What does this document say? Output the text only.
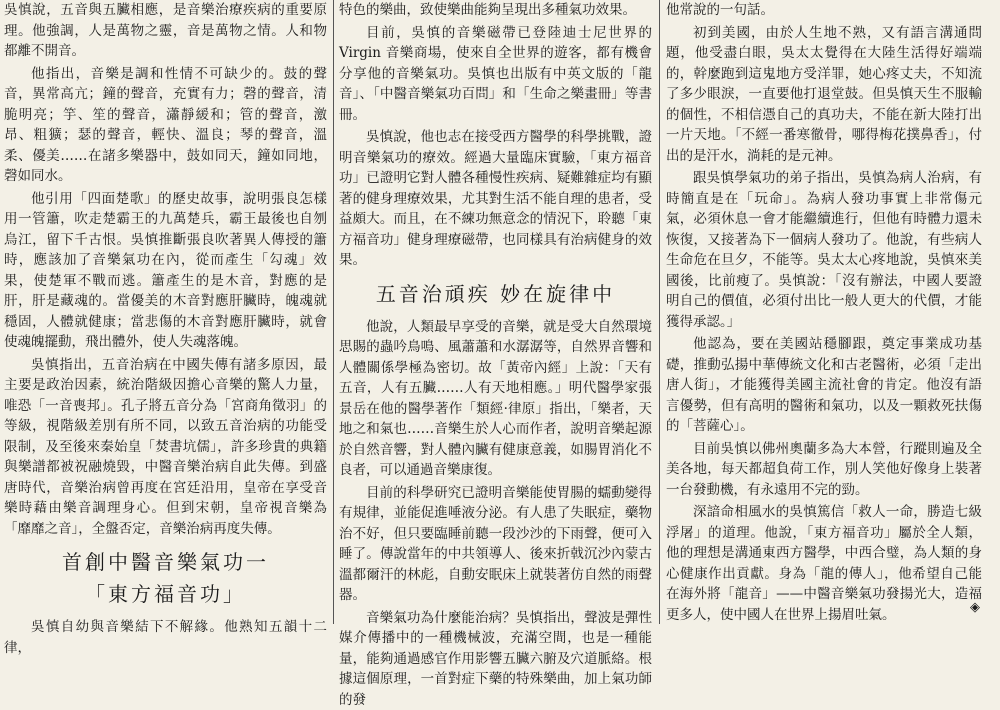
吳慎說，五音與五臟相應，是音樂治療疾病的重要原理。他強調，人是萬物之靈，音是萬物之情。人和物都離不開音。

他指出，音樂是調和性情不可缺少的。鼓的聲音，異常高亢；鐘的聲音，充實有力；磬的聲音，清脆明亮；竽、笙的聲音，瀟靜緩和；管的聲音，激昂、粗獷；瑟的聲音，輕快、溫良；琴的聲音，溫柔、優美……在諸多樂器中，鼓如同天，鐘如同地，磬如同水。

他引用「四面楚歌」的歷史故事，說明張良怎樣用一管簫，吹走楚霸王的九萬楚兵，霸王最後也自刎烏江，留下千古恨。吳慎推斷張良吹著異人傳授的簫時，應該加了音樂氣功在內，從而產生「勾魂」效果，使楚軍不戰而逃。簫產生的是木音，對應的是肝，肝是藏魂的。當優美的木音對應肝臟時，魄魂就穩固，人體就健康；當悲傷的木音對應肝臟時，就會使魂魄擺動，飛出體外，使人失魂落魄。

吳慎指出，五音治病在中國失傳有諸多原因，最主要是政治因素，統治階級因擔心音樂的驚人力量，唯恐「一音喪邦」。孔子將五音分為「宮商角徵羽」的等級，視階級差別有所不同，以致五音治病的功能受限制，及至後來秦始皇「焚書坑儒」，許多珍貴的典籍與樂譜都被祝融燒毀，中醫音樂治病自此失傳。到盛唐時代，音樂治病曾再度在宮廷沿用，皇帝在享受音樂時藉由樂音調理身心。但到宋朝，皇帝視音樂為「靡靡之音」，全盤否定，音樂治病再度失傳。

首創中醫音樂氣功一
「東方福音功」

吳慎自幼與音樂結下不解緣。他熟知五韻十二律，

特色的樂曲，致使樂曲能夠呈現出多種氣功效果。

目前，吳慎的音樂磁帶已登陸迪士尼世界的 Virgin 音樂商場，使來自全世界的遊客，都有機會分享他的音樂氣功。吳慎也出版有中英文版的「龍音」、「中醫音樂氣功百問」和「生命之樂畫冊」等書冊。

吳慎說，他也志在接受西方醫學的科學挑戰，證明音樂氣功的療效。經過大量臨床實驗，「東方福音功」已證明它對人體各種慢性疾病、疑難雜症均有顯著的健身理療效果，尤其對生活不能自理的患者，受益頗大。而且，在不練功無意念的情況下，聆聽「東方福音功」健身理療磁帶，也同樣具有治病健身的效果。

五音治頑疾 妙在旋律中

他說，人類最早享受的音樂，就是受大自然環境思賜的蟲吟鳥鳴、風蕭蕭和水潺潺等，自然界音響和人體關係學極為密切。故「黃帝內經」上說：「天有五音，人有五臟……人有天地相應。」明代醫學家張景岳在他的醫學著作「類經·律原」指出，「樂者，天地之和氣也……音樂生於人心而作者，說明音樂起源於自然音響，對人體內臟有健康意義，如腸胃消化不良者，可以通過音樂康復。

目前的科學研究已證明音樂能使胃腸的蠕動變得有規律，並能促進唾液分泌。有人患了失眠症，藥物治不好，但只要臨睡前聽一段沙沙的下雨聲，便可入睡了。傳說當年的中共領導人、後來折戟沉沙內蒙古溫都爾汗的林彪，自動安眠床上就裝著仿自然的雨聲器。

音樂氣功為什麼能治病？吳慎指出，聲波是彈性媒介傳播中的一種機械波，充滿空間，也是一種能量，能夠通過感官作用影響五臟六腑及穴道脈絡。根據這個原理，一首對症下藥的特殊樂曲，加上氣功師的發

他常說的一句話。

初到美國，由於人生地不熟，又有語言溝通問題，他受盡白眼，吳太太覺得在大陸生活得好端端的，幹麼跑到這鬼地方受洋罪，她心疼丈夫，不知流了多少眼淚，一直要他打退堂鼓。但吳慎天生不服輸的個性，不相信憑自己的真功夫，不能在新大陸打出一片天地。「不經一番寒徹骨，哪得梅花撲鼻香」，付出的是汗水，淌耗的是元神。

跟吳慎學氣功的弟子指出，吳慎為病人治病，有時簡直是在「玩命」。為病人發功事實上非常傷元氣，必須休息一會才能繼續進行，但他有時體力還未恢復，又接著為下一個病人發功了。他說，有些病人生命危在旦夕，不能等。吳太太心疼地說，吳慎來美國後，比前瘦了。吳慎說：「沒有辦法，中國人要證明自己的價值，必須付出比一般人更大的代價，才能獲得承認。」

他認為，要在美國站穩腳跟，奠定事業成功基礎，推動弘揚中華傳統文化和古老醫術，必須「走出唐人街」，才能獲得美國主流社會的肯定。他沒有語言優勢，但有高明的醫術和氣功，以及一顆救死扶傷的「菩薩心」。

目前吳慎以佛州奧蘭多為大本營，行蹤則遍及全美各地，每天都超負荷工作，別人笑他好像身上裝著一台發動機，有永遠用不完的勁。

深諳命相風水的吳慎篤信「救人一命，勝造七級浮屠」的道理。他說，「東方福音功」屬於全人類，他的理想是溝通東西方醫學，中西合璧，為人類的身心健康作出貢獻。身為「龍的傳人」，他希望自己能在海外將「龍音」——中醫音樂氣功發揚光大，造福更多人，使中國人在世界上揚眉吐氣。	◈
